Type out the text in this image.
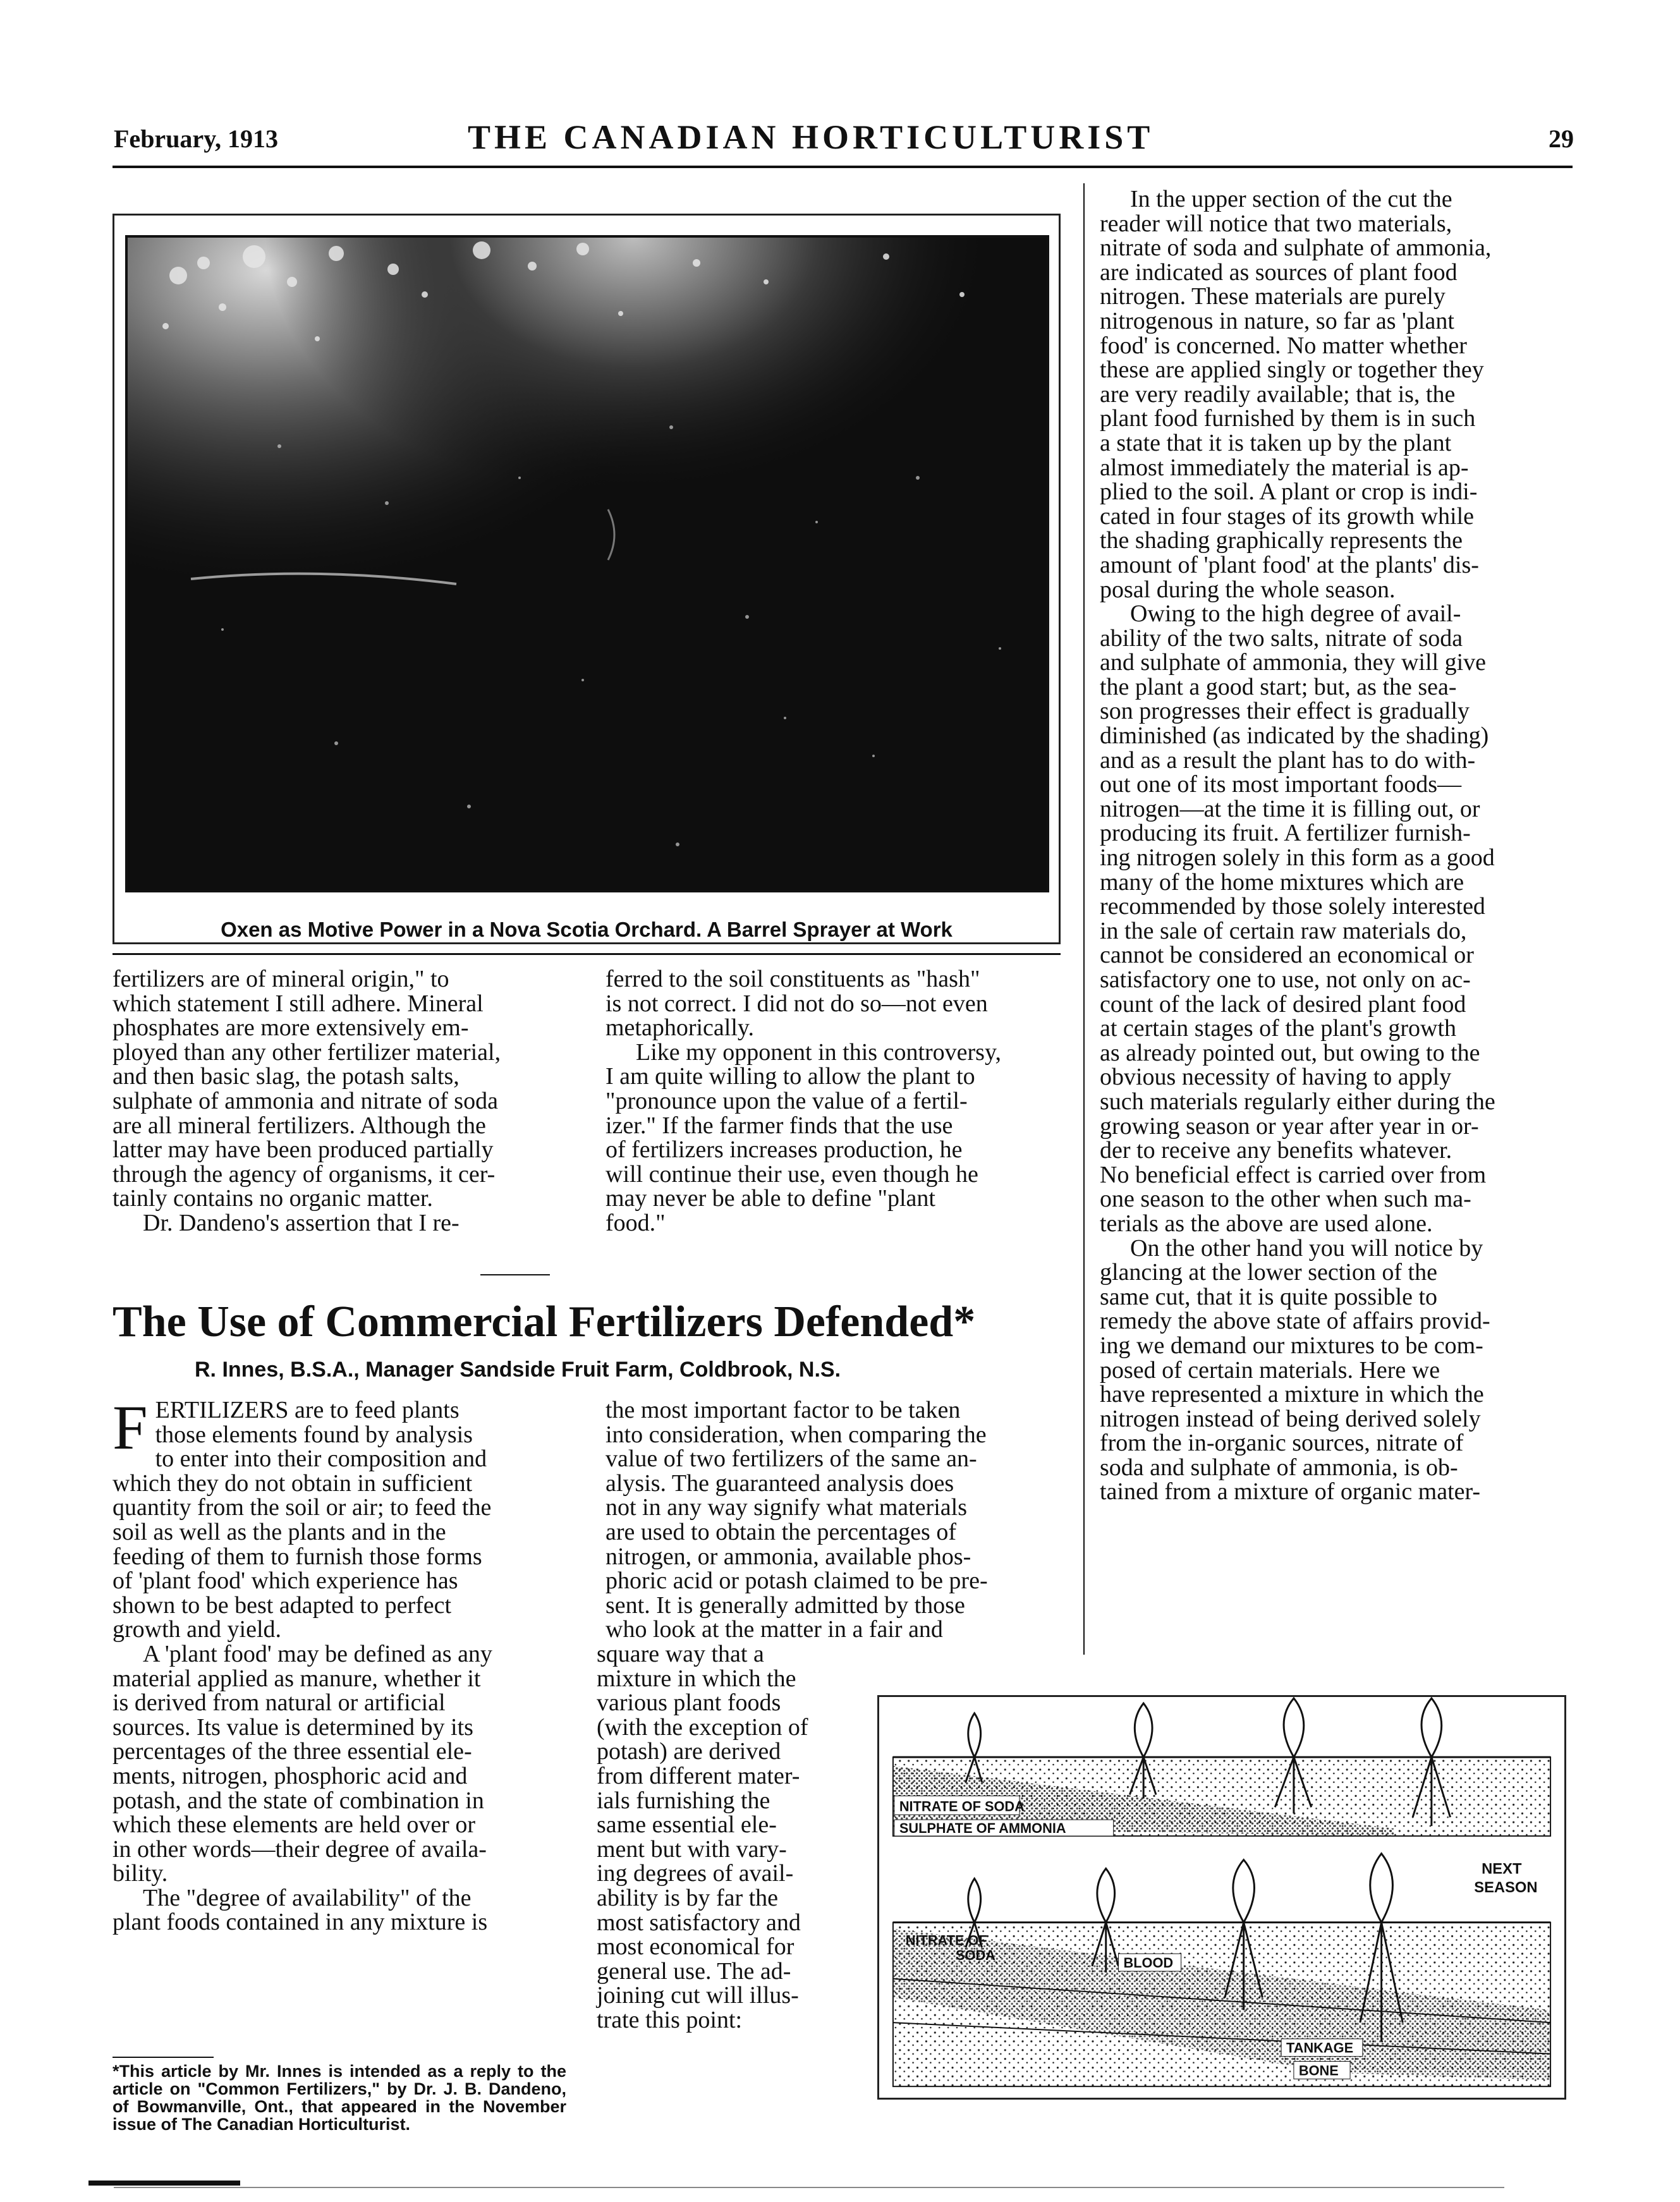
February, 1913	THE CANADIAN HORTICULTURIST	29
Oxen as Motive Power in a Nova Scotia Orchard. A Barrel Sprayer at Work

fertilizers are of mineral origin," to

which statement I still adhere. Mineral

phosphates are more extensively em-

ployed than any other fertilizer material,

and then basic slag, the potash salts,

sulphate of ammonia and nitrate of soda

are all mineral fertilizers. Although the

latter may have been produced partially

through the agency of organisms, it cer-

tainly contains no organic matter.

Dr. Dandeno's assertion that I re-

ferred to the soil constituents as "hash"

is not correct. I did not do so—not even

metaphorically.

Like my opponent in this controversy,

I am quite willing to allow the plant to

"pronounce upon the value of a fertil-

izer." If the farmer finds that the use

of fertilizers increases production, he

will continue their use, even though he

may never be able to define "plant

food."

The Use of Commercial Fertilizers Defended*
R. Innes, B.S.A., Manager Sandside Fruit Farm, Coldbrook, N.S.
F ERTILIZERS are to feed plants

those elements found by analysis

to enter into their composition and

which they do not obtain in sufficient

quantity from the soil or air; to feed the

soil as well as the plants and in the

feeding of them to furnish those forms

of 'plant food' which experience has

shown to be best adapted to perfect

growth and yield.

A 'plant food' may be defined as any

material applied as manure, whether it

is derived from natural or artificial

sources. Its value is determined by its

percentages of the three essential ele-

ments, nitrogen, phosphoric acid and

potash, and the state of combination in

which these elements are held over or

in other words—their degree of availa-

bility.

The "degree of availability" of the

plant foods contained in any mixture is

*This article by Mr. Innes is intended as a reply to the article on "Common Fertilizers," by Dr. J. B. Dandeno, of Bowmanville, Ont., that appeared in the November issue of The Canadian Horticulturist.

the most important factor to be taken

into consideration, when comparing the

value of two fertilizers of the same an-

alysis. The guaranteed analysis does

not in any way signify what materials

are used to obtain the percentages of

nitrogen, or ammonia, available phos-

phoric acid or potash claimed to be pre-

sent. It is generally admitted by those

who look at the matter in a fair and

square way that a

mixture in which the

various plant foods

(with the exception of

potash) are derived

from different mater-

ials furnishing the

same essential ele-

ment but with vary-

ing degrees of avail-

ability is by far the

most satisfactory and

most economical for

general use. The ad-

joining cut will illus-

trate this point:

In the upper section of the cut the

reader will notice that two materials,

nitrate of soda and sulphate of ammonia,

are indicated as sources of plant food

nitrogen. These materials are purely

nitrogenous in nature, so far as 'plant

food' is concerned. No matter whether

these are applied singly or together they

are very readily available; that is, the

plant food furnished by them is in such

a state that it is taken up by the plant

almost immediately the material is ap-

plied to the soil. A plant or crop is indi-

cated in four stages of its growth while

the shading graphically represents the

amount of 'plant food' at the plants' dis-

posal during the whole season.

Owing to the high degree of avail-

ability of the two salts, nitrate of soda

and sulphate of ammonia, they will give

the plant a good start; but, as the sea-

son progresses their effect is gradually

diminished (as indicated by the shading)

and as a result the plant has to do with-

out one of its most important foods—

nitrogen—at the time it is filling out, or

producing its fruit. A fertilizer furnish-

ing nitrogen solely in this form as a good

many of the home mixtures which are

recommended by those solely interested

in the sale of certain raw materials do,

cannot be considered an economical or

satisfactory one to use, not only on ac-

count of the lack of desired plant food

at certain stages of the plant's growth

as already pointed out, but owing to the

obvious necessity of having to apply

such materials regularly either during the

growing season or year after year in or-

der to receive any benefits whatever.

No beneficial effect is carried over from

one season to the other when such ma-

terials as the above are used alone.

On the other hand you will notice by

glancing at the lower section of the

same cut, that it is quite possible to

remedy the above state of affairs provid-

ing we demand our mixtures to be com-

posed of certain materials. Here we

have represented a mixture in which the

nitrogen instead of being derived solely

from the in-organic sources, nitrate of

soda and sulphate of ammonia, is ob-

tained from a mixture of organic mater-

NITRATE OF SODA
SULPHATE OF AMMONIA
NEXT
SEASON
NITRATE OF
SODA	BLOOD
TANKAGE
BONE
